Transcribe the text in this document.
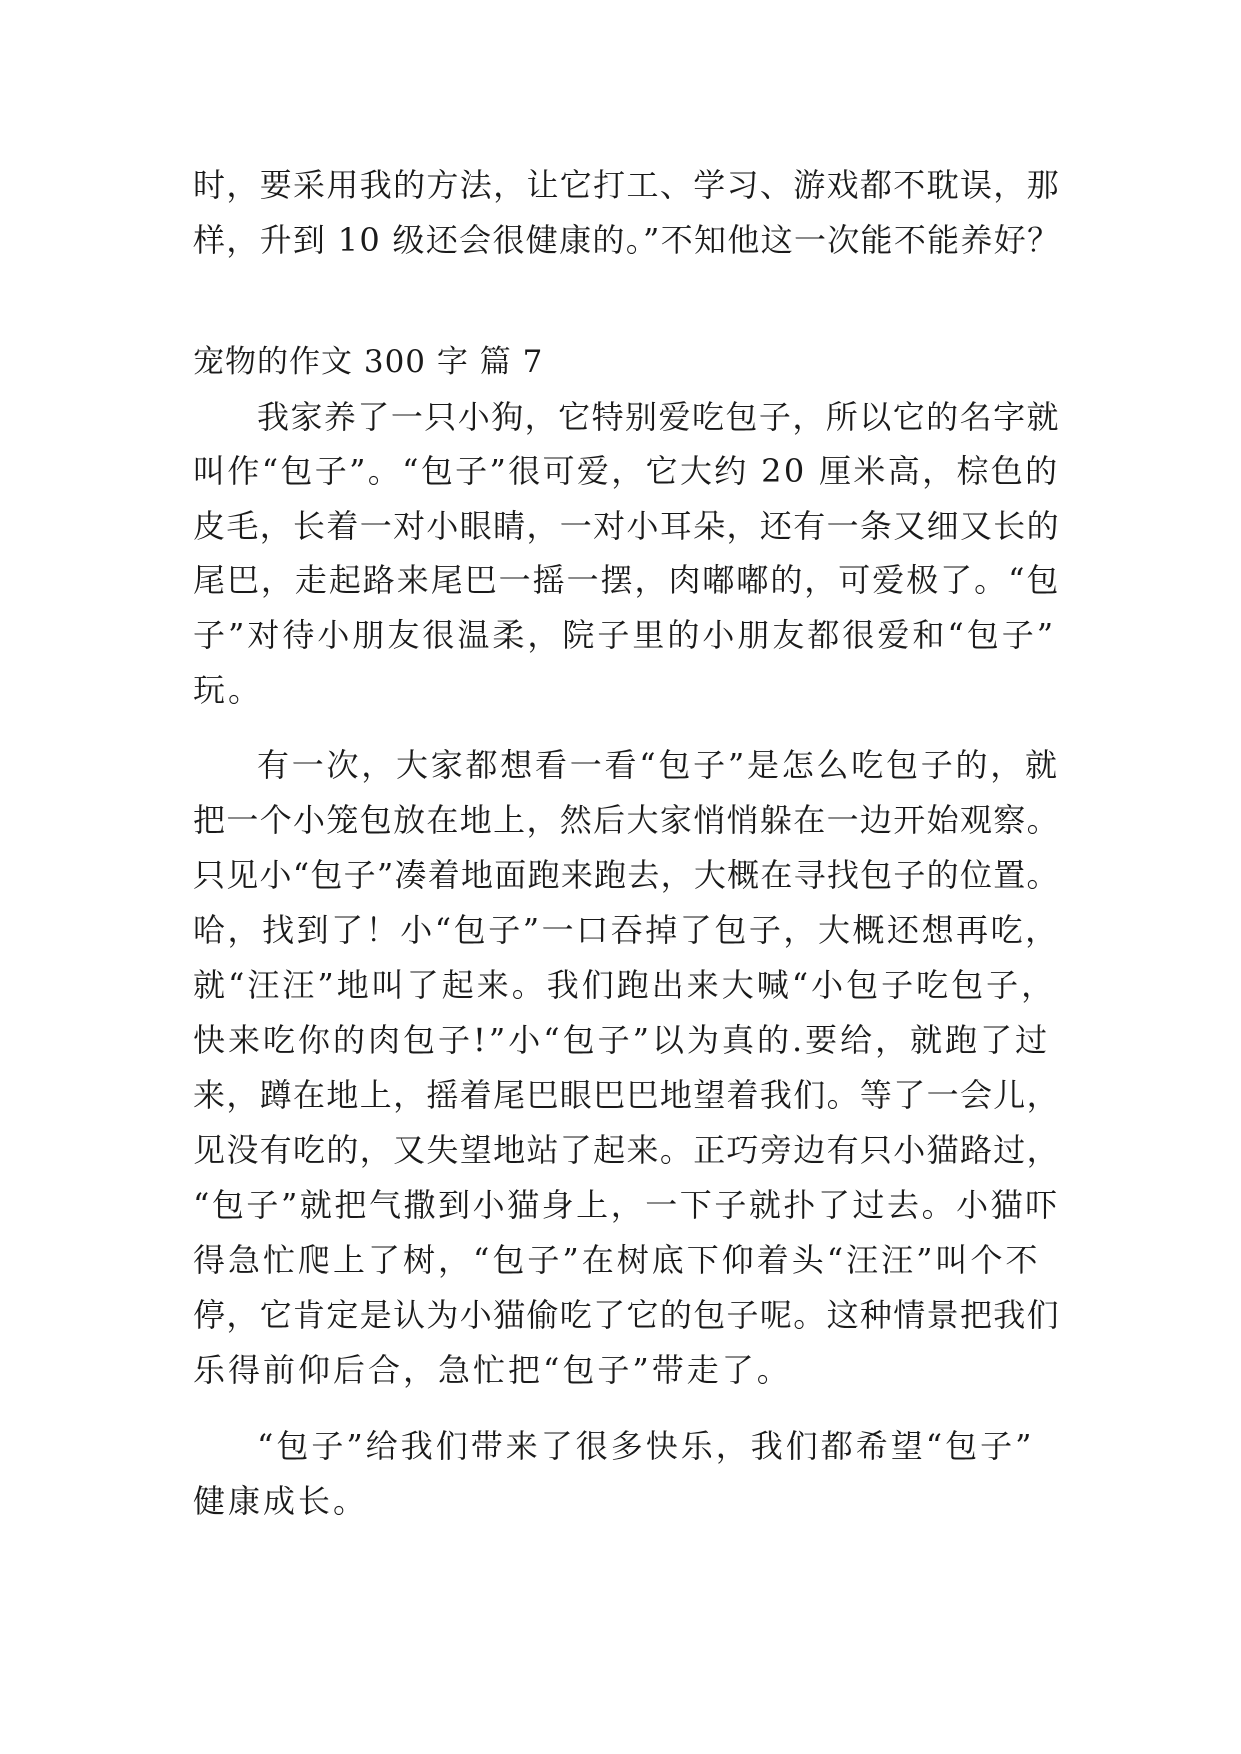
时，要采用我的方法，让它打工、学习、游戏都不耽误，那
样，升到 10 级还会很健康的。”不知他这一次能不能养好？
宠物的作文 300 字 篇 7
我家养了一只小狗，它特别爱吃包子，所以它的名字就
叫作“包子”。“包子”很可爱，它大约 20 厘米高，棕色的
皮毛，长着一对小眼睛，一对小耳朵，还有一条又细又长的
尾巴，走起路来尾巴一摇一摆，肉嘟嘟的，可爱极了。“包
子”对待小朋友很温柔，院子里的小朋友都很爱和“包子”
玩。
有一次，大家都想看一看“包子”是怎么吃包子的，就
把一个小笼包放在地上，然后大家悄悄躲在一边开始观察。
只见小“包子”凑着地面跑来跑去，大概在寻找包子的位置。
哈，找到了！小“包子”一口吞掉了包子，大概还想再吃，
就“汪汪”地叫了起来。我们跑出来大喊“小包子吃包子，
快来吃你的肉包子!”小“包子”以为真的.要给，就跑了过
来，蹲在地上，摇着尾巴眼巴巴地望着我们。等了一会儿，
见没有吃的，又失望地站了起来。正巧旁边有只小猫路过，
“包子”就把气撒到小猫身上，一下子就扑了过去。小猫吓
得急忙爬上了树，“包子”在树底下仰着头“汪汪”叫个不
停，它肯定是认为小猫偷吃了它的包子呢。这种情景把我们
乐得前仰后合，急忙把“包子”带走了。
“包子”给我们带来了很多快乐，我们都希望“包子”
健康成长。
